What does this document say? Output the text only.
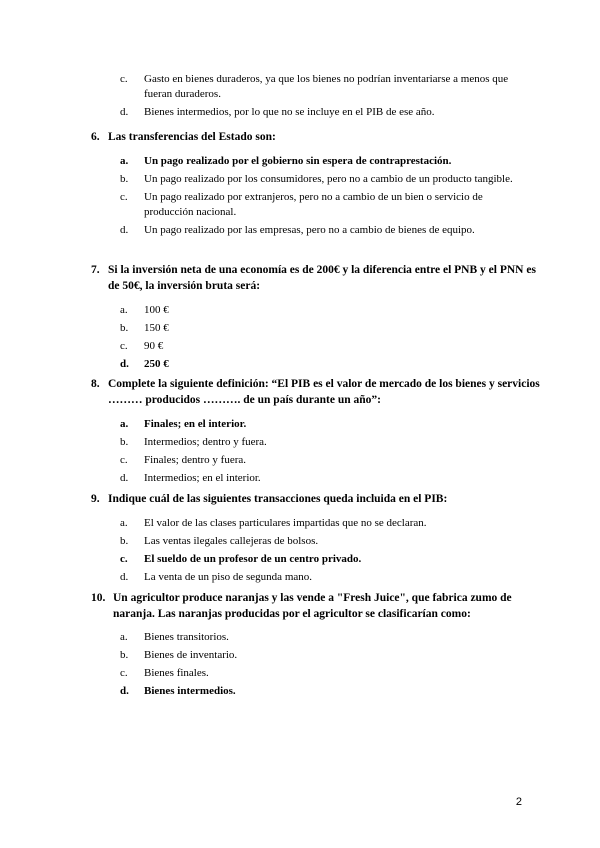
c.	Gasto en bienes duraderos, ya que los bienes no podrían inventariarse a menos que fueran duraderos.
d.	Bienes intermedios, por lo que no se incluye en el PIB de ese año.
6. Las transferencias del Estado son:
a.	Un pago realizado por el gobierno sin espera de contraprestación.
b.	Un pago realizado por los consumidores, pero no a cambio de un producto tangible.
c.	Un pago realizado por extranjeros, pero no a cambio de un bien o servicio de producción nacional.
d.	Un pago realizado por las empresas, pero no a cambio de bienes de equipo.
7. Si la inversión neta de una economía es de 200€ y la diferencia entre el PNB y el PNN es de 50€, la inversión bruta será:
a.	100 €
b.	150 €
c.	90 €
d.	250 €
8. Complete la siguiente definición: “El PIB es el valor de mercado de los bienes y servicios ……… producidos ………. de un país durante un año”:
a.	Finales; en el interior.
b.	Intermedios; dentro y fuera.
c.	Finales; dentro y fuera.
d.	Intermedios; en el interior.
9. Indique cuál de las siguientes transacciones queda incluida en el PIB:
a.	El valor de las clases particulares impartidas que no se declaran.
b.	Las ventas ilegales callejeras de bolsos.
c.	El sueldo de un profesor de un centro privado.
d.	La venta de un piso de segunda mano.
10. Un agricultor produce naranjas y las vende a "Fresh Juice", que fabrica zumo de naranja. Las naranjas producidas por el agricultor se clasificarían como:
a.	Bienes transitorios.
b.	Bienes de inventario.
c.	Bienes finales.
d.	Bienes intermedios.
2
